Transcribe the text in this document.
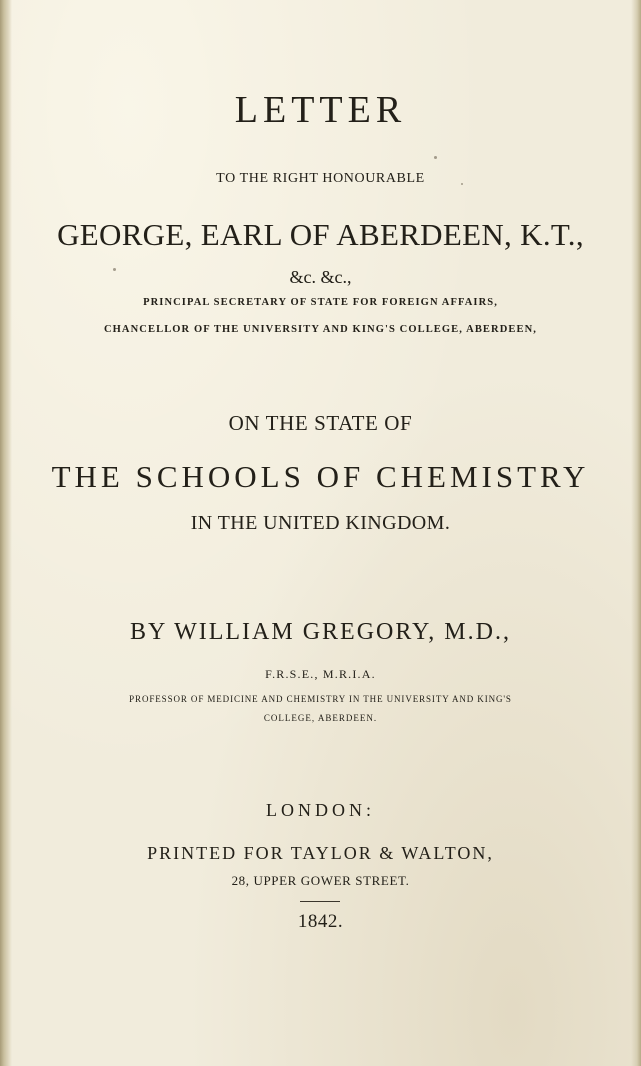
LETTER

TO THE RIGHT HONOURABLE

GEORGE, EARL OF ABERDEEN, K.T.,

&c. &c.,

PRINCIPAL SECRETARY OF STATE FOR FOREIGN AFFAIRS,

CHANCELLOR OF THE UNIVERSITY AND KING'S COLLEGE, ABERDEEN,

ON THE STATE OF

THE SCHOOLS OF CHEMISTRY

IN THE UNITED KINGDOM.

BY WILLIAM GREGORY, M.D.,

F.R.S.E., M.R.I.A.

PROFESSOR OF MEDICINE AND CHEMISTRY IN THE UNIVERSITY AND KING'S

COLLEGE, ABERDEEN.

LONDON:

PRINTED FOR TAYLOR & WALTON,

28, UPPER GOWER STREET.

1842.
